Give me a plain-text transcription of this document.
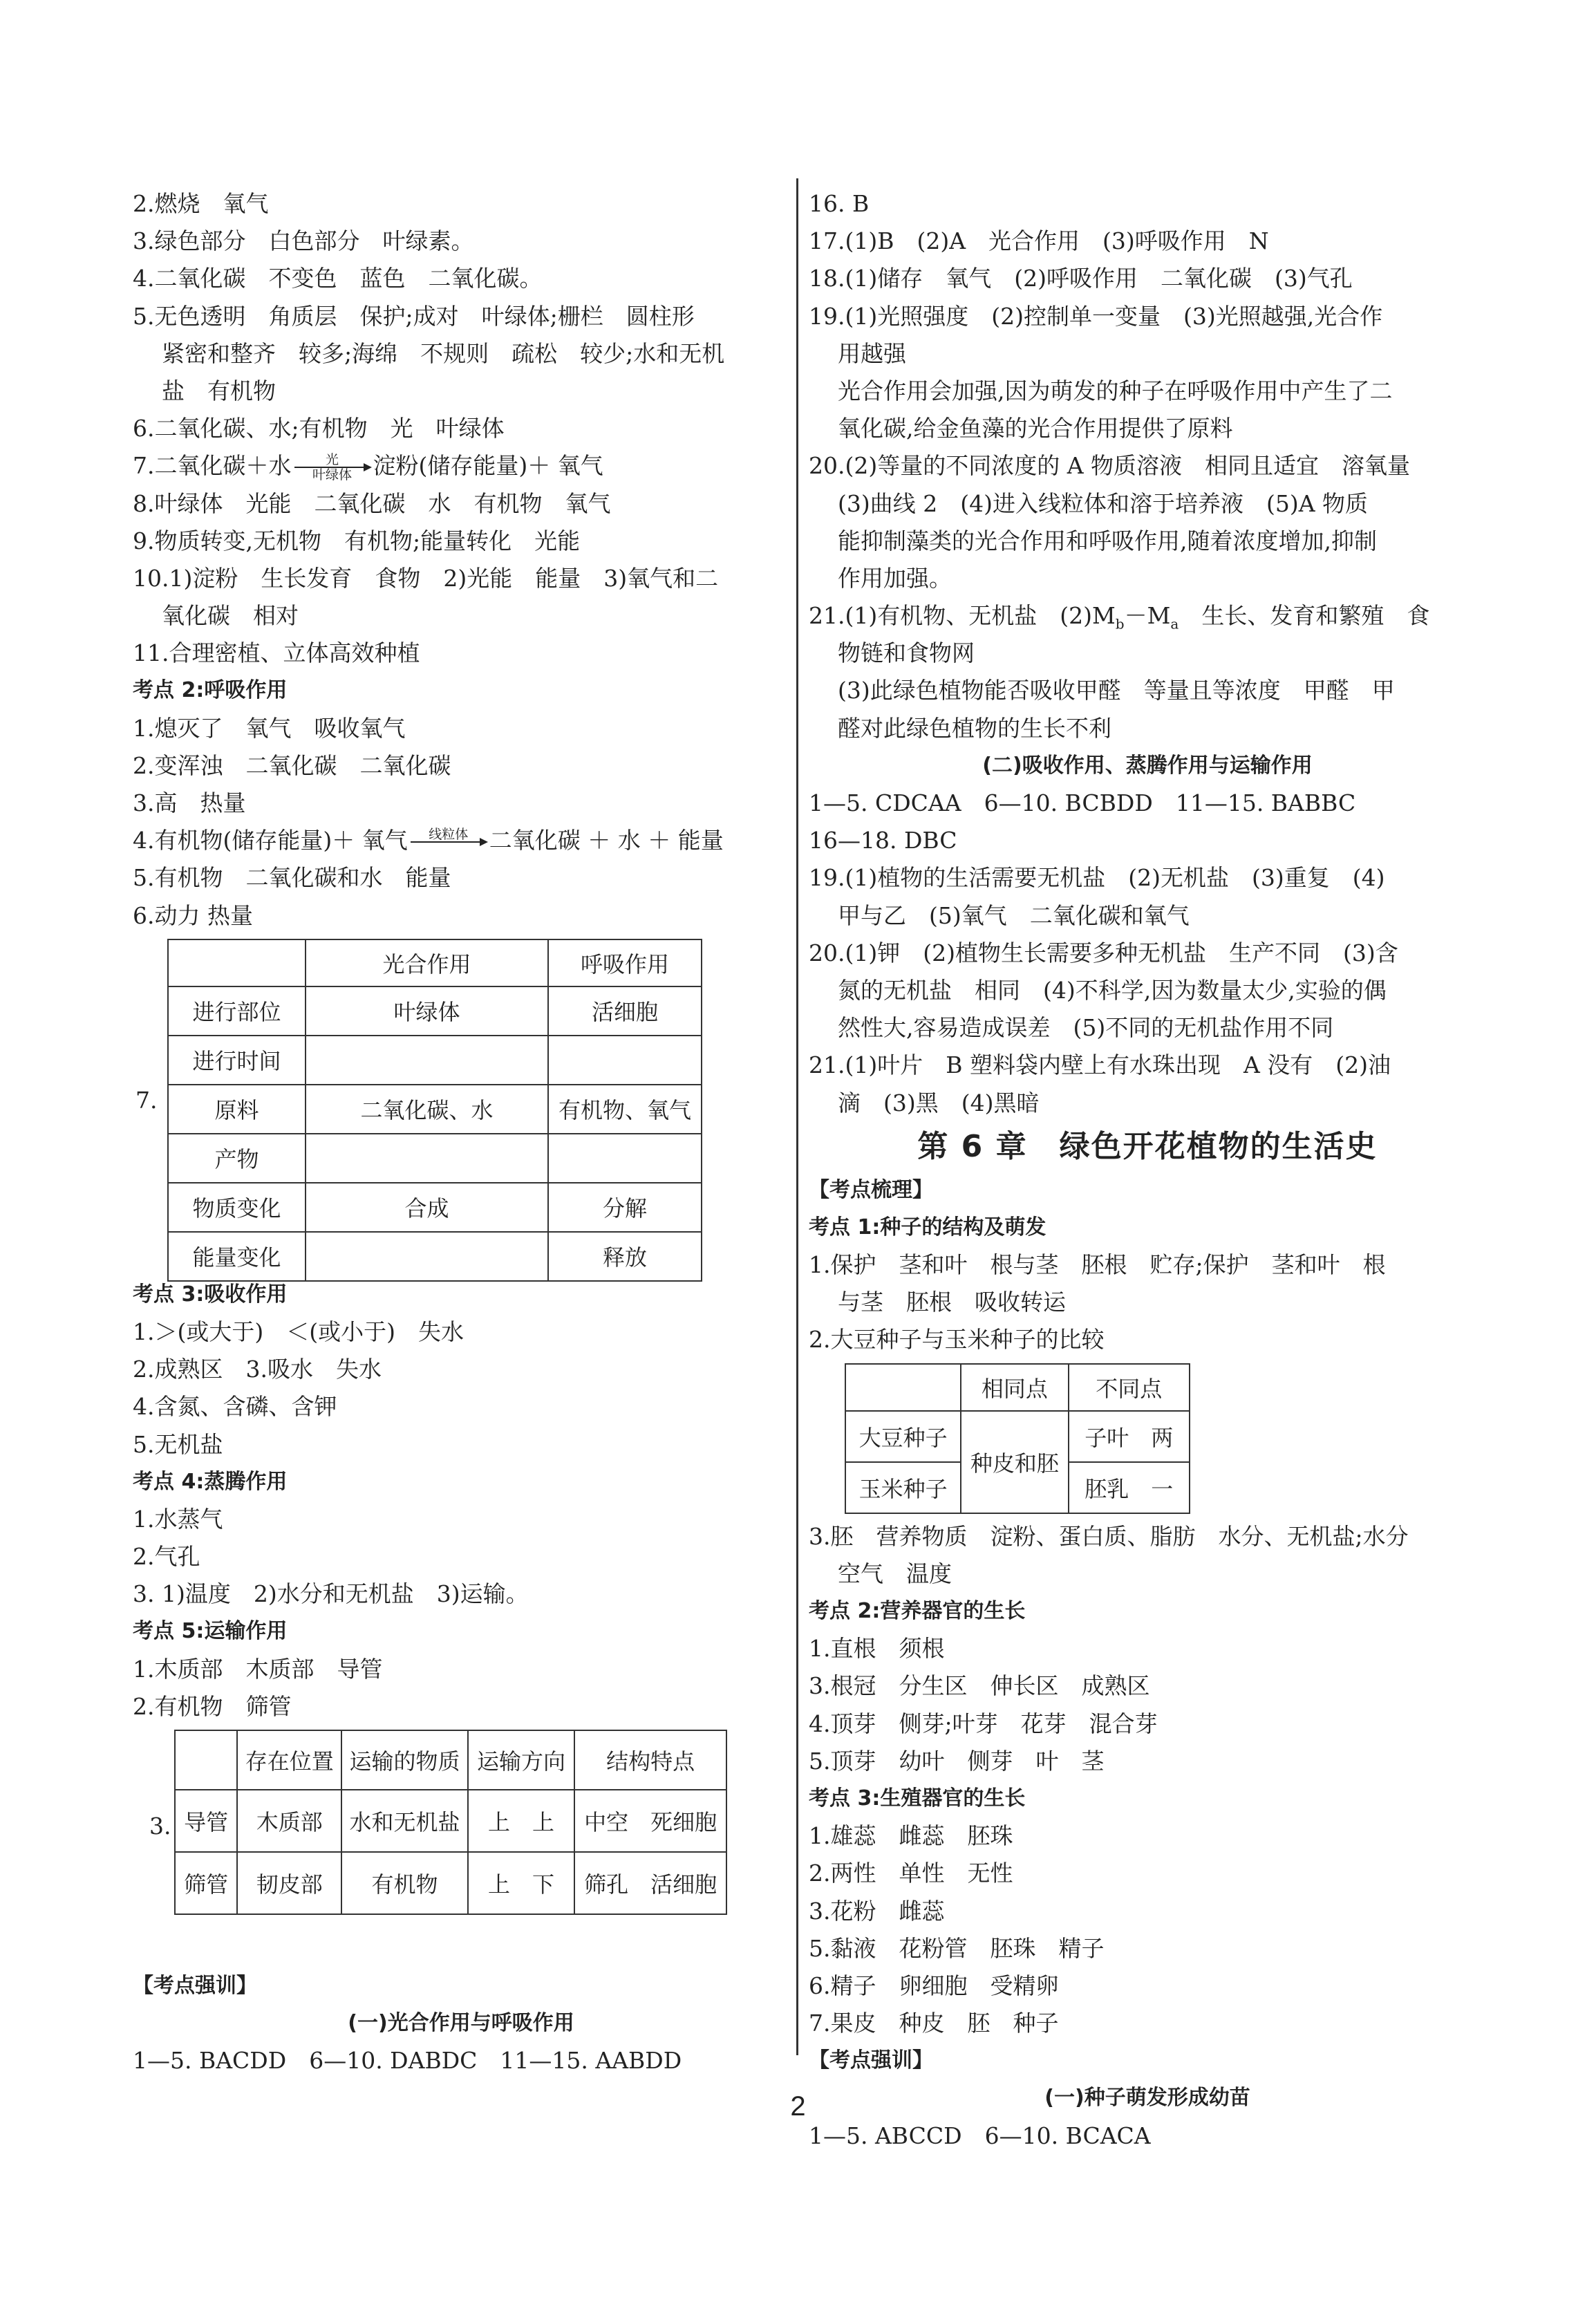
2.燃烧　氧气
3.绿色部分　白色部分　叶绿素。
4.二氧化碳　不变色　蓝色　二氧化碳。
5.无色透明　角质层　保护;成对　叶绿体;栅栏　圆柱形
紧密和整齐　较多;海绵　不规则　疏松　较少;水和无机
盐　有机物
6.二氧化碳、水;有机物　光　叶绿体
7.二氧化碳＋水	光
叶绿体 淀粉(储存能量)＋ 氧气
8.叶绿体　光能　二氧化碳　水　有机物　氧气
9.物质转变,无机物　有机物;能量转化　光能
10.1)淀粉　生长发育　食物　2)光能　能量　3)氧气和二
氧化碳　相对
11.合理密植、立体高效种植
考点 2:呼吸作用
1.熄灭了　氧气　吸收氧气
2.变浑浊　二氧化碳　二氧化碳
3.高　热量
4.有机物(储存能量)＋ 氧气	线粒体
二氧化碳 ＋ 水 ＋ 能量
5.有机物　二氧化碳和水　能量
6.动力 热量
7.
	光合作用	呼吸作用
进行部位	叶绿体	活细胞
进行时间		
原料	二氧化碳、水	有机物、氧气
产物		
物质变化	合成	分解
能量变化		释放
考点 3:吸收作用
1.＞(或大于)　＜(或小于)　失水
2.成熟区　3.吸水　失水
4.含氮、含磷、含钾
5.无机盐
考点 4:蒸腾作用
1.水蒸气
2.气孔
3. 1)温度　2)水分和无机盐　3)运输。
考点 5:运输作用
1.木质部　木质部　导管
2.有机物　筛管
3.
	存在位置	运输的物质	运输方向	结构特点
导管	木质部	水和无机盐	上　上	中空　死细胞
筛管	韧皮部	有机物	上　下	筛孔　活细胞
【考点强训】
(一)光合作用与呼吸作用
1—5. BACDD　6—10. DABDC　11—15. AABDD
16. B
17.(1)B　(2)A　光合作用　(3)呼吸作用　N
18.(1)储存　氧气　(2)呼吸作用　二氧化碳　(3)气孔
19.(1)光照强度　(2)控制单一变量　(3)光照越强,光合作
用越强
光合作用会加强,因为萌发的种子在呼吸作用中产生了二
氧化碳,给金鱼藻的光合作用提供了原料
20.(2)等量的不同浓度的 A 物质溶液　相同且适宜　溶氧量
(3)曲线 2　(4)进入线粒体和溶于培养液　(5)A 物质
能抑制藻类的光合作用和呼吸作用,随着浓度增加,抑制
作用加强。
21.(1)有机物、无机盐　$(2)M_b-M_a$　生长、发育和繁殖　食
物链和食物网
(3)此绿色植物能否吸收甲醛　等量且等浓度　甲醛　甲
醛对此绿色植物的生长不利
(二)吸收作用、蒸腾作用与运输作用
1—5. CDCAA　6—10. BCBDD　11—15. BABBC
16—18. DBC
19.(1)植物的生活需要无机盐　(2)无机盐　(3)重复　(4)
甲与乙　(5)氧气　二氧化碳和氧气
20.(1)钾　(2)植物生长需要多种无机盐　生产不同　(3)含
氮的无机盐　相同　(4)不科学,因为数量太少,实验的偶
然性大,容易造成误差　(5)不同的无机盐作用不同
21.(1)叶片　B 塑料袋内壁上有水珠出现　A 没有　(2)油
滴　(3)黑　(4)黑暗
第 6 章　绿色开花植物的生活史
【考点梳理】
考点 1:种子的结构及萌发
1.保护　茎和叶　根与茎　胚根　贮存;保护　茎和叶　根
与茎　胚根　吸收转运
2.大豆种子与玉米种子的比较
	相同点	不同点
大豆种子	种皮和胚	子叶　两
玉米种子		胚乳　一
3.胚　营养物质　淀粉、蛋白质、脂肪　水分、无机盐;水分
空气　温度
考点 2:营养器官的生长
1.直根　须根
3.根冠　分生区　伸长区　成熟区
4.顶芽　侧芽;叶芽　花芽　混合芽
5.顶芽　幼叶　侧芽　叶　茎
考点 3:生殖器官的生长
1.雄蕊　雌蕊　胚珠
2.两性　单性　无性
3.花粉　雌蕊
5.黏液　花粉管　胚珠　精子
6.精子　卵细胞　受精卵
7.果皮　种皮　胚　种子
【考点强训】
(一)种子萌发形成幼苗
1—5. ABCCD　6—10. BCACA
2
